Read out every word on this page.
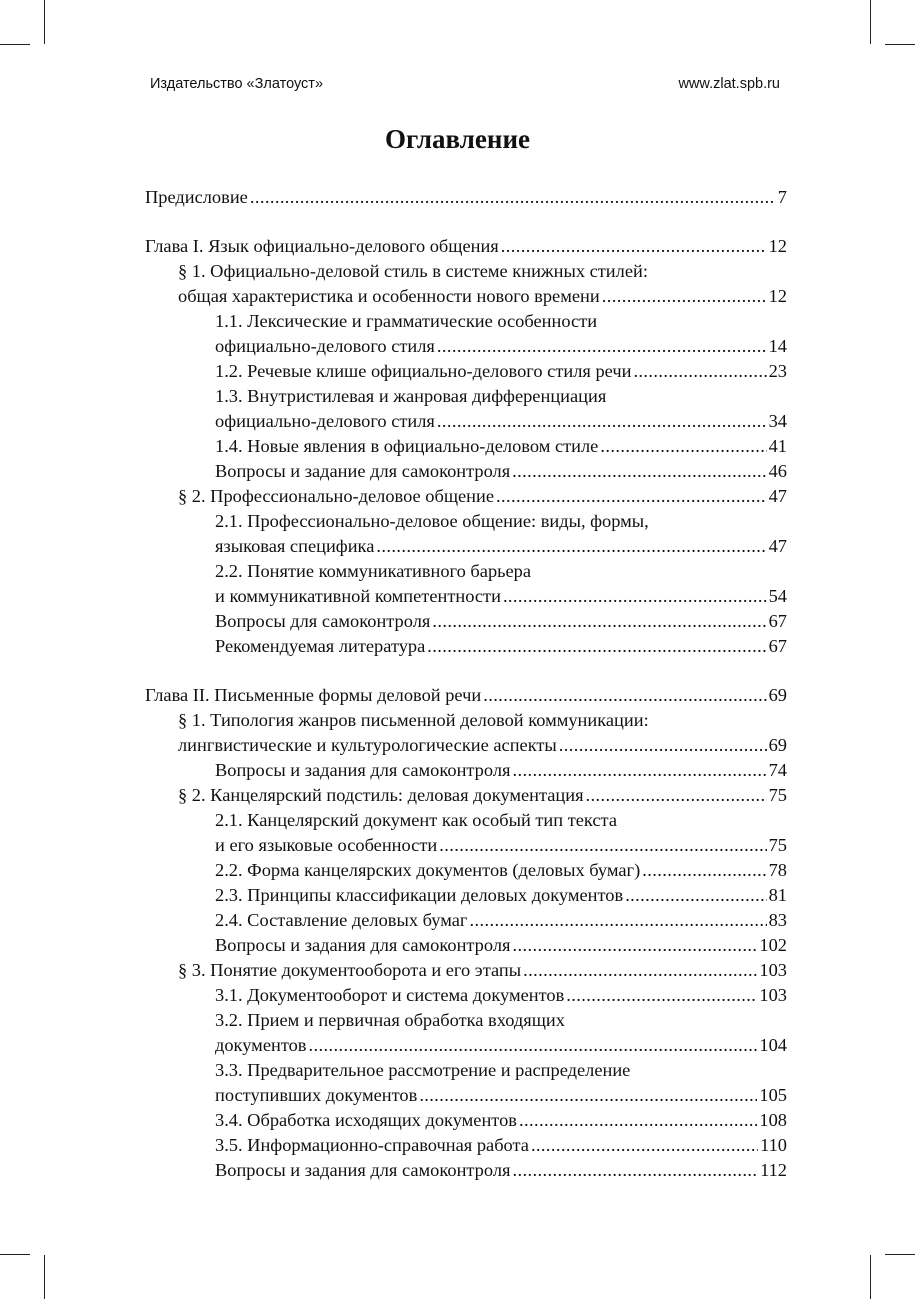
Издательство «Златоуст»	www.zlat.spb.ru
Оглавление
Предисловие .....	7
Глава I. Язык официально-делового общения .....	12
§ 1. Официально-деловой стиль в системе книжных стилей:
общая характеристика и особенности нового времени .....	12
1.1. Лексические и грамматические особенности
официально-делового стиля .....	14
1.2. Речевые клише официально-делового стиля речи .....	23
1.3. Внутристилевая и жанровая дифференциация
официально-делового стиля .....	34
1.4. Новые явления в официально-деловом стиле .....	41
Вопросы и задание для самоконтроля .....	46
§ 2. Профессионально-деловое общение .....	47
2.1. Профессионально-деловое общение: виды, формы,
языковая специфика .....	47
2.2. Понятие коммуникативного барьера
и коммуникативной компетентности .....	54
Вопросы для самоконтроля .....	67
Рекомендуемая литература .....	67
Глава II. Письменные формы деловой речи .....	69
§ 1. Типология жанров письменной деловой коммуникации:
лингвистические и культурологические аспекты .....	69
Вопросы и задания для самоконтроля .....	74
§ 2. Канцелярский подстиль: деловая документация .....	75
2.1. Канцелярский документ как особый тип текста
и его языковые особенности .....	75
2.2. Форма канцелярских документов (деловых бумаг) .....	78
2.3. Принципы классификации деловых документов .....	81
2.4. Составление деловых бумаг .....	83
Вопросы и задания для самоконтроля .....	102
§ 3. Понятие документооборота и его этапы .....	103
3.1. Документооборот и система документов .....	103
3.2. Прием и первичная обработка входящих
документов .....	104
3.3. Предварительное рассмотрение и распределение
поступивших документов .....	105
3.4. Обработка исходящих документов .....	108
3.5. Информационно-справочная работа .....	110
Вопросы и задания для самоконтроля .....	112
